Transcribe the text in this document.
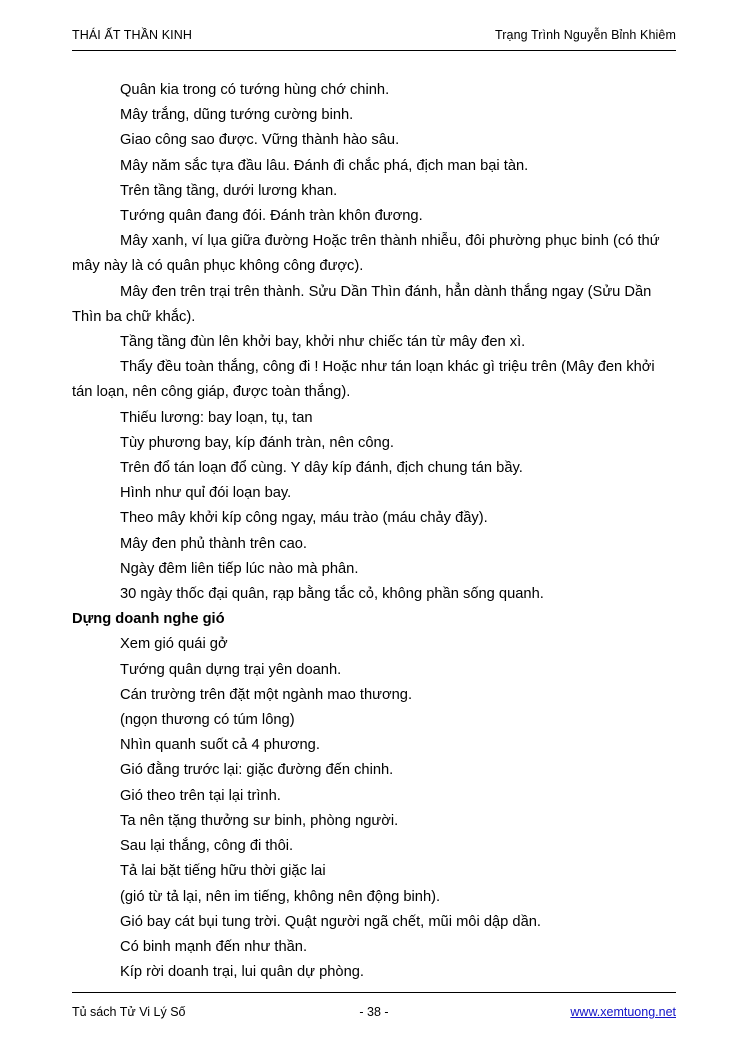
THÁI ẤT THẦN KINH	Trạng Trình Nguyễn Bỉnh Khiêm

Quân kia trong có tướng hùng chớ chinh.

Mây trắng, dũng tướng cường binh.

Giao công sao được. Vững thành hào sâu.

Mây năm sắc tựa đầu lâu. Đánh đi chắc phá, địch man bại tàn.

Trên tầng tầng, dưới lương khan.

Tướng quân đang đói. Đánh tràn khôn đương.

Mây xanh, ví lụa giữa đường Hoặc trên thành nhiễu, đôi phường phục binh (có thứ mây này là có quân phục không công được).

Mây đen trên trại trên thành. Sửu Dần Thìn đánh, hẳn dành thắng ngay (Sửu Dần Thìn ba chữ khắc).

Tầng tầng đùn lên khởi bay, khởi như chiếc tán từ mây đen xì.

Thẩy đều toàn thắng, công đi ! Hoặc như tán loạn khác gì triệu trên (Mây đen khởi tán loạn, nên công giáp, được toàn thắng).

Thiếu lương: bay loạn, tụ, tan

Tùy phương bay, kíp đánh tràn, nên công.

Trên đổ tán loạn đổ cùng. Y dây kíp đánh, địch chung tán bầy.

Hình như quỉ đói loạn bay.

Theo mây khởi kíp công ngay, máu trào (máu chảy đầy).

Mây đen phủ thành trên cao.

Ngày đêm liên tiếp lúc nào mà phân.

30 ngày thốc đại quân, rạp bằng tắc cỏ, không phần sống quanh.

Dựng doanh nghe gió

Xem gió quái gở

Tướng quân dựng trại yên doanh.

Cán trường trên đặt một ngành mao thương.

(ngọn thương có túm lông)

Nhìn quanh suốt cả 4 phương.

Gió đằng trước lại: giặc đường đến chinh.

Gió theo trên tại lại trình.

Ta nên tặng thưởng sư binh, phòng người.

Sau lại thắng, công đi thôi.

Tả lai bặt tiếng hữu thời giặc lai

(gió từ tả lại, nên im tiếng, không nên động binh).

Gió bay cát bụi tung trời. Quật người ngã chết, mũi môi dập dần.

Có binh mạnh đến như thần.

Kíp rời doanh trại, lui quân dự phòng.

Tủ sách Tử Vi Lý Số	- 38 -	www.xemtuong.net
